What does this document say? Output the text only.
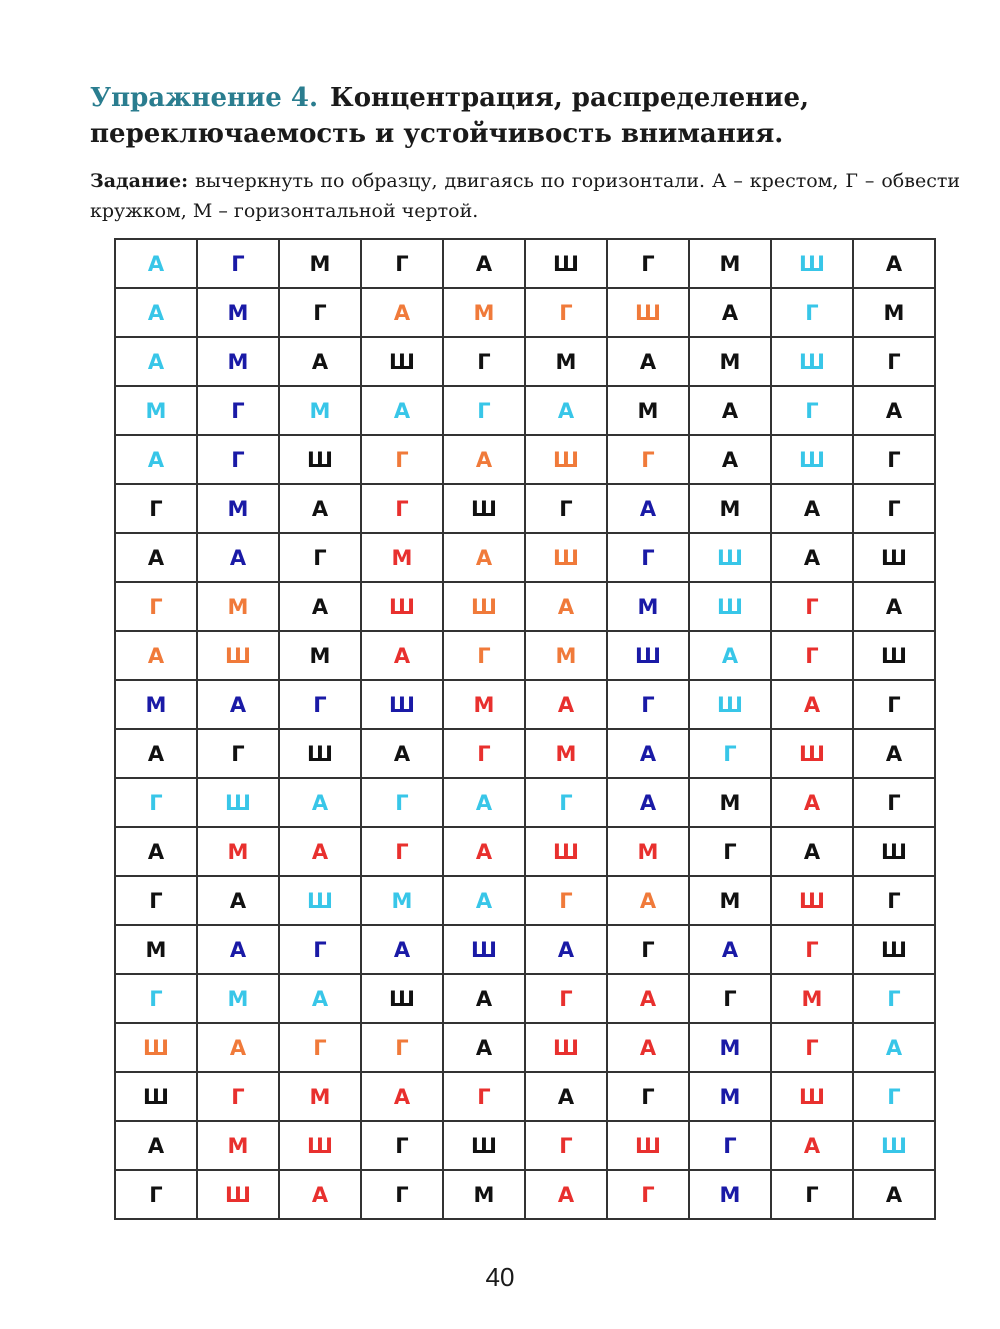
Упражнение 4. Концентрация, распределение, переключаемость и устойчивость внимания.
Задание: вычеркнуть по образцу, двигаясь по горизонтали. А – крестом, Г – обвести кружком, М – горизонтальной чертой.
А	Г	М	Г	А	Ш	Г	М	Ш	А
А	М	Г	А	М	Г	Ш	А	Г	М
А	М	А	Ш	Г	М	А	М	Ш	Г
М	Г	М	А	Г	А	М	А	Г	А
А	Г	Ш	Г	А	Ш	Г	А	Ш	Г
Г	М	А	Г	Ш	Г	А	М	А	Г
А	А	Г	М	А	Ш	Г	Ш	А	Ш
Г	М	А	Ш	Ш	А	М	Ш	Г	А
А	Ш	М	А	Г	М	Ш	А	Г	Ш
М	А	Г	Ш	М	А	Г	Ш	А	Г
А	Г	Ш	А	Г	М	А	Г	Ш	А
Г	Ш	А	Г	А	Г	А	М	А	Г
А	М	А	Г	А	Ш	М	Г	А	Ш
Г	А	Ш	М	А	Г	А	М	Ш	Г
М	А	Г	А	Ш	А	Г	А	Г	Ш
Г	М	А	Ш	А	Г	А	Г	М	Г
Ш	А	Г	Г	А	Ш	А	М	Г	А
Ш	Г	М	А	Г	А	Г	М	Ш	Г
А	М	Ш	Г	Ш	Г	Ш	Г	А	Ш
Г	Ш	А	Г	М	А	Г	М	Г	А
40
